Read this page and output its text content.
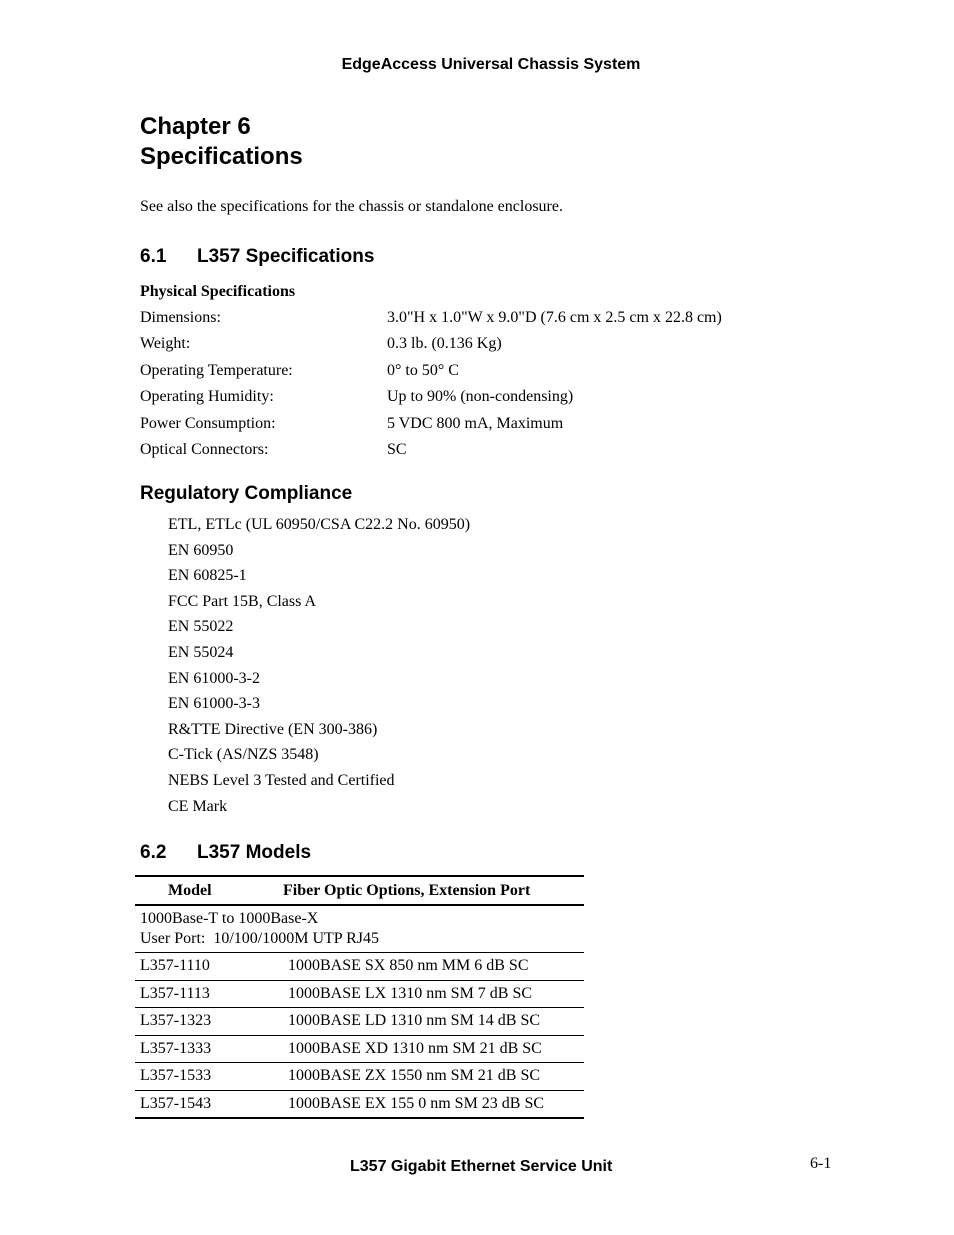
EdgeAccess Universal Chassis System
Chapter 6
Specifications
See also the specifications for the chassis or standalone enclosure.
6.1 L357 Specifications
Physical Specifications
Dimensions:	3.0"H x 1.0"W x 9.0"D (7.6 cm x 2.5 cm x 22.8 cm)
Weight:	0.3 lb. (0.136 Kg)
Operating Temperature:	0° to 50° C
Operating Humidity:	Up to 90% (non-condensing)
Power Consumption:	5 VDC 800 mA, Maximum
Optical Connectors:	SC
Regulatory Compliance
ETL, ETLc (UL 60950/CSA C22.2 No. 60950)
EN 60950
EN 60825-1
FCC Part 15B, Class A
EN 55022
EN 55024
EN 61000-3-2
EN 61000-3-3
R&TTE Directive (EN 300-386)
C-Tick (AS/NZS 3548)
NEBS Level 3 Tested and Certified
CE Mark
6.2 L357 Models
Model	Fiber Optic Options, Extension Port

1000Base-T to 1000Base-X
User Port:  10/100/1000M UTP RJ45	

L357-1110	1000BASE SX 850 nm MM 6 dB SC
L357-1113	1000BASE LX 1310 nm SM 7 dB SC
L357-1323	1000BASE LD 1310 nm SM 14 dB SC
L357-1333	1000BASE XD 1310 nm SM 21 dB SC
L357-1533	1000BASE ZX 1550 nm SM 21 dB SC
L357-1543	1000BASE EX 155 0 nm SM 23 dB SC
L357 Gigabit Ethernet Service Unit	6-1
